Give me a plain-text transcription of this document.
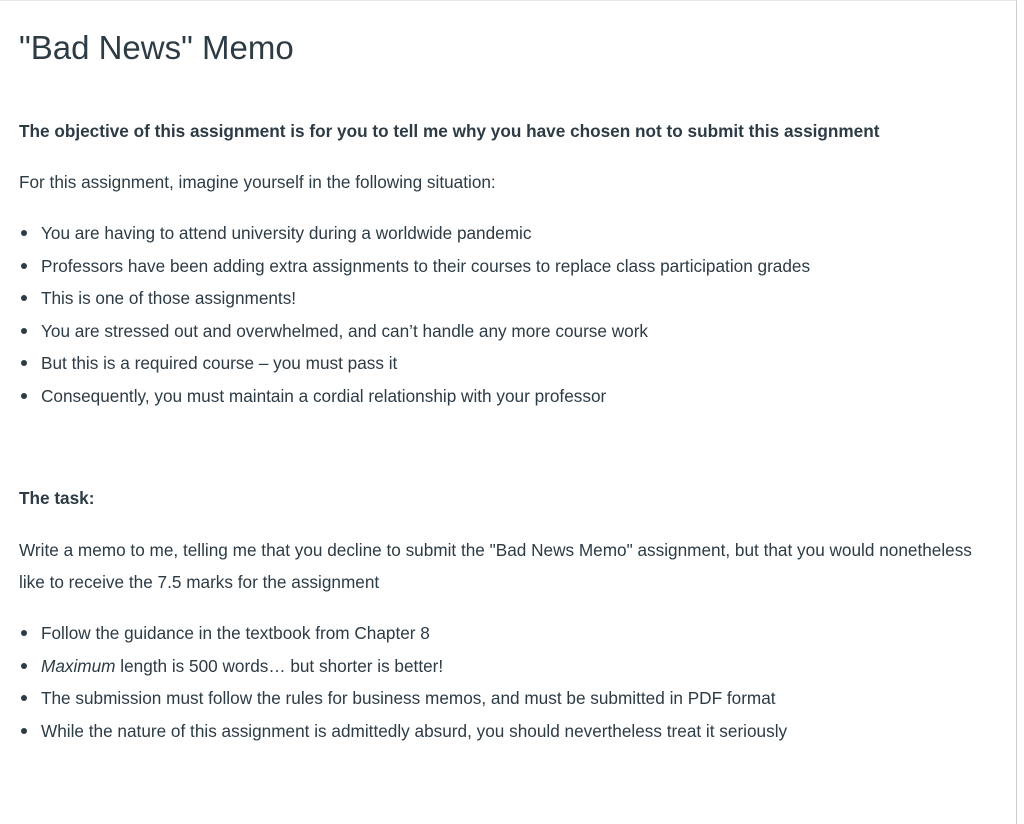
"Bad News" Memo
The objective of this assignment is for you to tell me why you have chosen not to submit this assignment
For this assignment, imagine yourself in the following situation:
You are having to attend university during a worldwide pandemic
Professors have been adding extra assignments to their courses to replace class participation grades
This is one of those assignments!
You are stressed out and overwhelmed, and can’t handle any more course work
But this is a required course – you must pass it
Consequently, you must maintain a cordial relationship with your professor
The task:
Write a memo to me, telling me that you decline to submit the "Bad News Memo" assignment, but that you would nonetheless like to receive the 7.5 marks for the assignment
Follow the guidance in the textbook from Chapter 8
Maximum length is 500 words… but shorter is better!
The submission must follow the rules for business memos, and must be submitted in PDF format
While the nature of this assignment is admittedly absurd, you should nevertheless treat it seriously
